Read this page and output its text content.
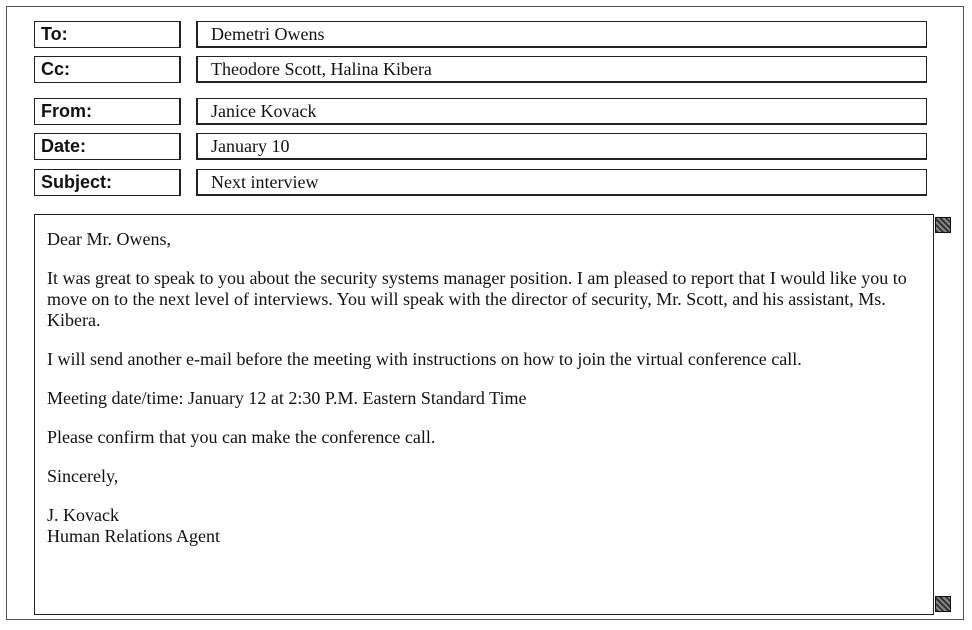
To:	Demetri Owens
Cc:	Theodore Scott, Halina Kibera
From:	Janice Kovack
Date:	January 10
Subject:	Next interview

Dear Mr. Owens,

It was great to speak to you about the security systems manager position. I am pleased to report that I would like you to move on to the next level of interviews. You will speak with the director of security, Mr. Scott, and his assistant, Ms. Kibera.

I will send another e-mail before the meeting with instructions on how to join the virtual conference call.

Meeting date/time: January 12 at 2:30 P.M. Eastern Standard Time

Please confirm that you can make the conference call.

Sincerely,

J. Kovack

Human Relations Agent
